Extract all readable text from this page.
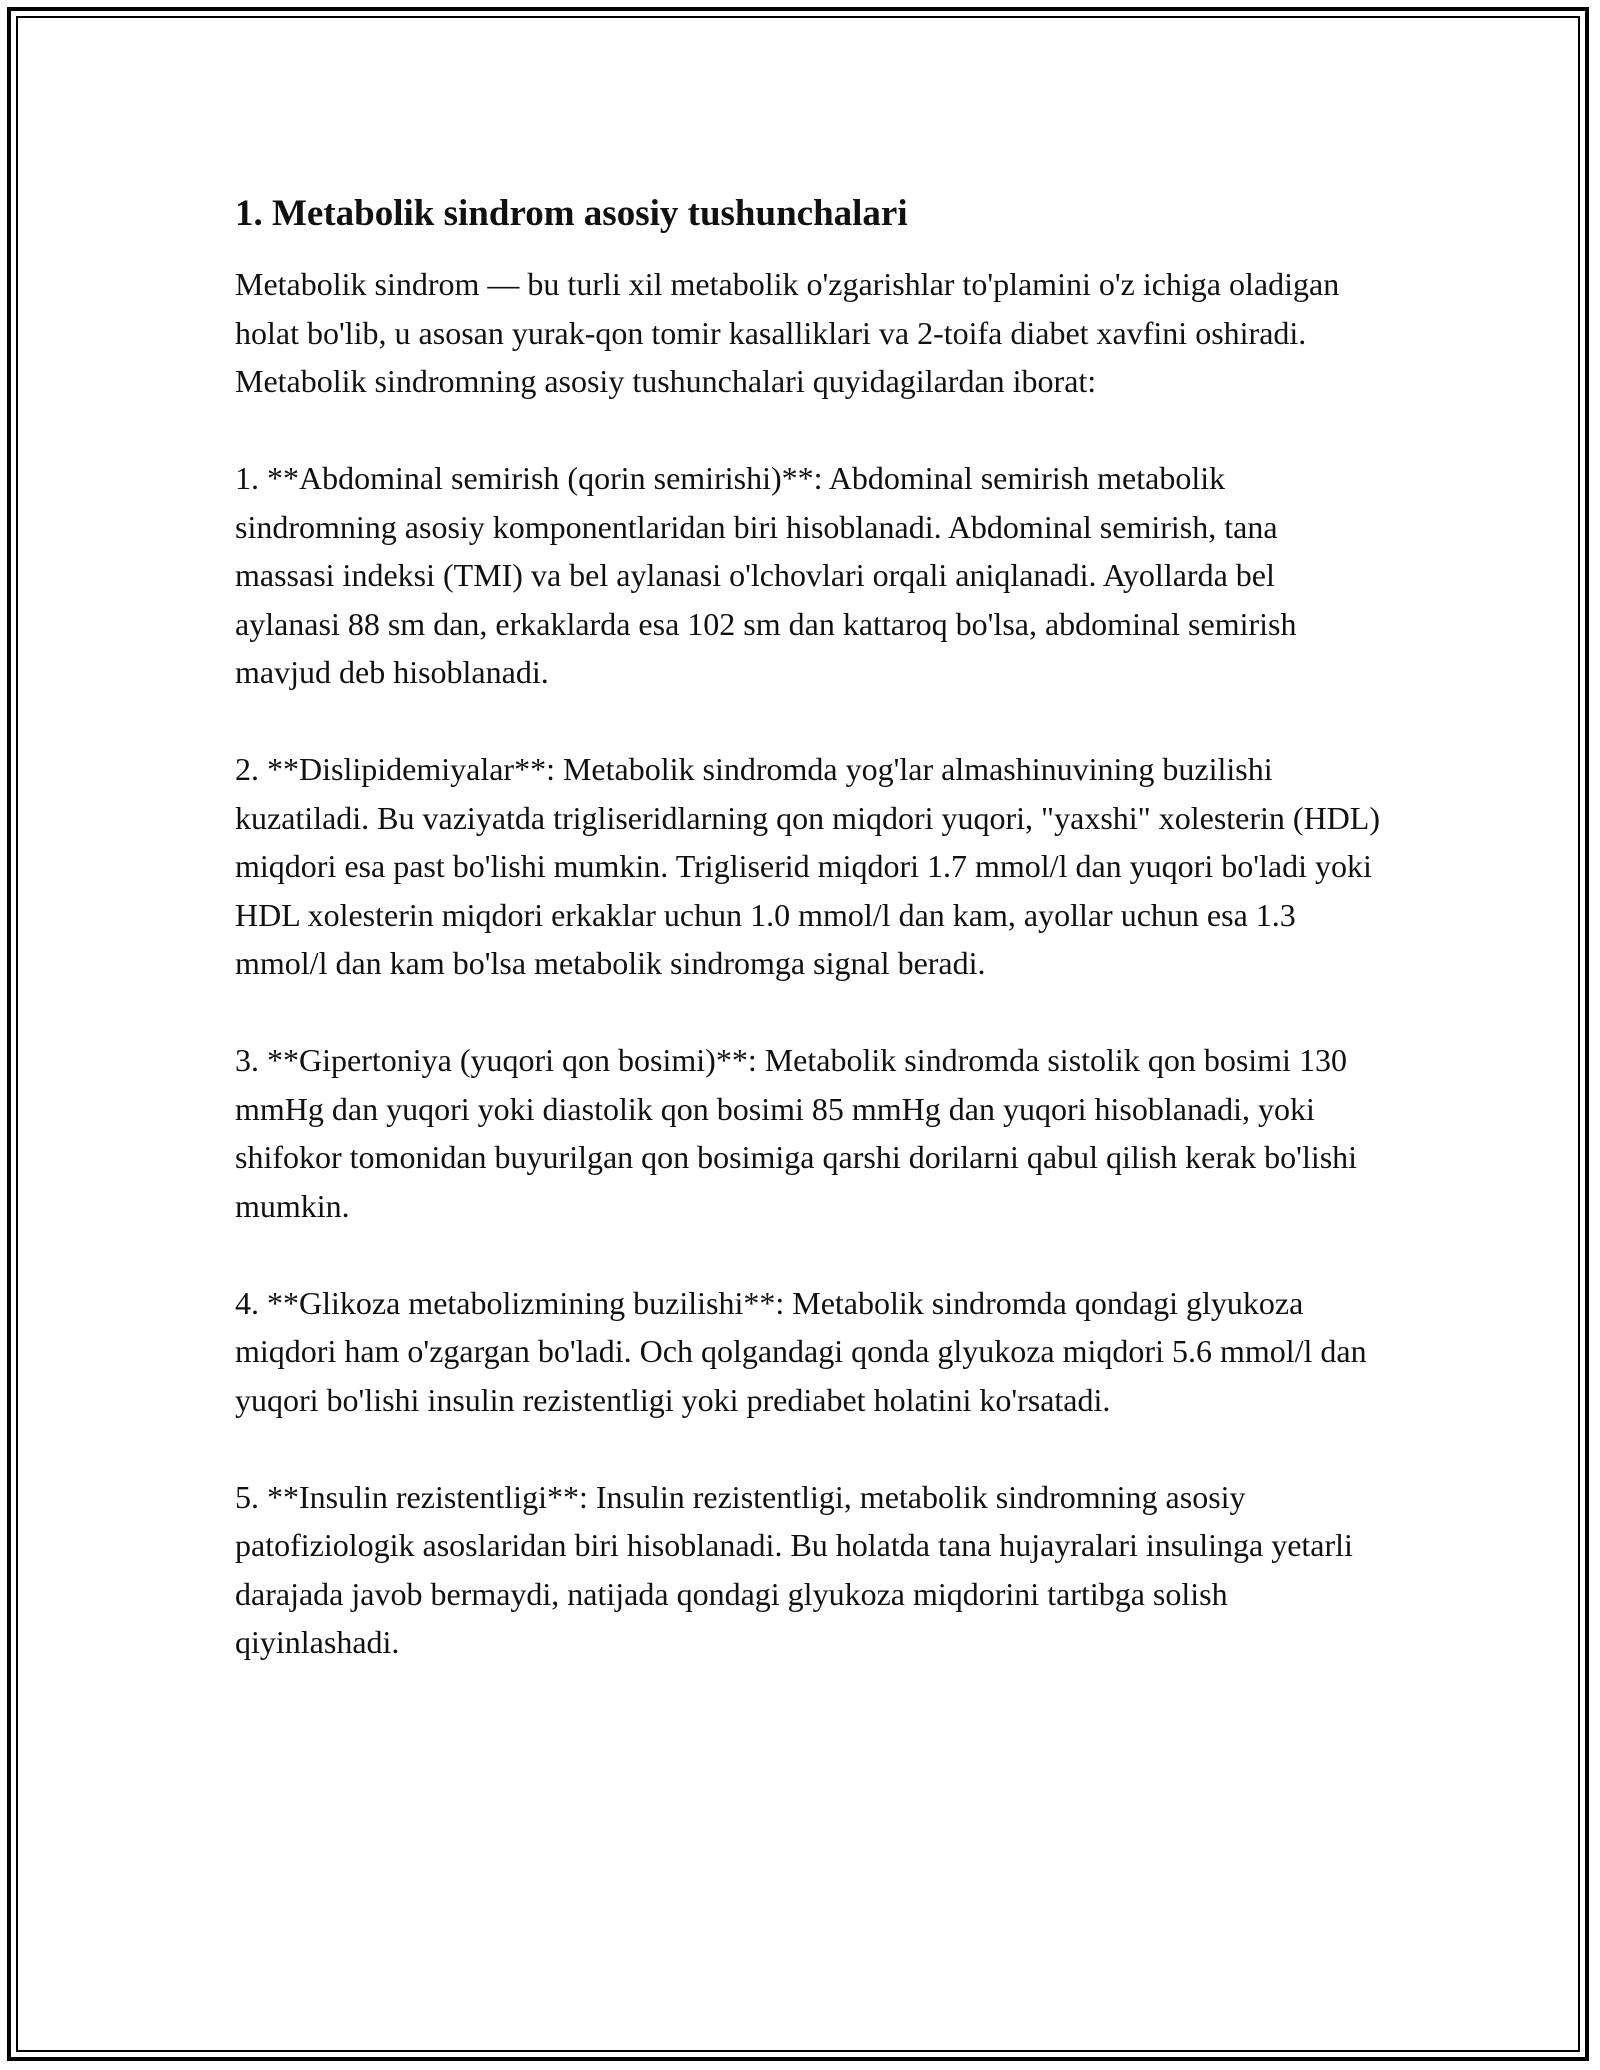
1. Metabolik sindrom asosiy tushunchalari

Metabolik sindrom — bu turli xil metabolik o'zgarishlar to'plamini o'z ichiga oladigan holat bo'lib, u asosan yurak-qon tomir kasalliklari va 2-toifa diabet xavfini oshiradi. Metabolik sindromning asosiy tushunchalari quyidagilardan iborat:

1. **Abdominal semirish (qorin semirishi)**: Abdominal semirish metabolik sindromning asosiy komponentlaridan biri hisoblanadi. Abdominal semirish, tana massasi indeksi (TMI) va bel aylanasi o'lchovlari orqali aniqlanadi. Ayollarda bel aylanasi 88 sm dan, erkaklarda esa 102 sm dan kattaroq bo'lsa, abdominal semirish mavjud deb hisoblanadi.

2. **Dislipidemiyalar**: Metabolik sindromda yog'lar almashinuvining buzilishi kuzatiladi. Bu vaziyatda trigliseridlarning qon miqdori yuqori, "yaxshi" xolesterin (HDL) miqdori esa past bo'lishi mumkin. Trigliserid miqdori 1.7 mmol/l dan yuqori bo'ladi yoki HDL xolesterin miqdori erkaklar uchun 1.0 mmol/l dan kam, ayollar uchun esa 1.3 mmol/l dan kam bo'lsa metabolik sindromga signal beradi.

3. **Gipertoniya (yuqori qon bosimi)**: Metabolik sindromda sistolik qon bosimi 130 mmHg dan yuqori yoki diastolik qon bosimi 85 mmHg dan yuqori hisoblanadi, yoki shifokor tomonidan buyurilgan qon bosimiga qarshi dorilarni qabul qilish kerak bo'lishi mumkin.

4. **Glikoza metabolizmining buzilishi**: Metabolik sindromda qondagi glyukoza miqdori ham o'zgargan bo'ladi. Och qolgandagi qonda glyukoza miqdori 5.6 mmol/l dan yuqori bo'lishi insulin rezistentligi yoki prediabet holatini ko'rsatadi.

5. **Insulin rezistentligi**: Insulin rezistentligi, metabolik sindromning asosiy patofiziologik asoslaridan biri hisoblanadi. Bu holatda tana hujayralari insulinga yetarli darajada javob bermaydi, natijada qondagi glyukoza miqdorini tartibga solish qiyinlashadi.
